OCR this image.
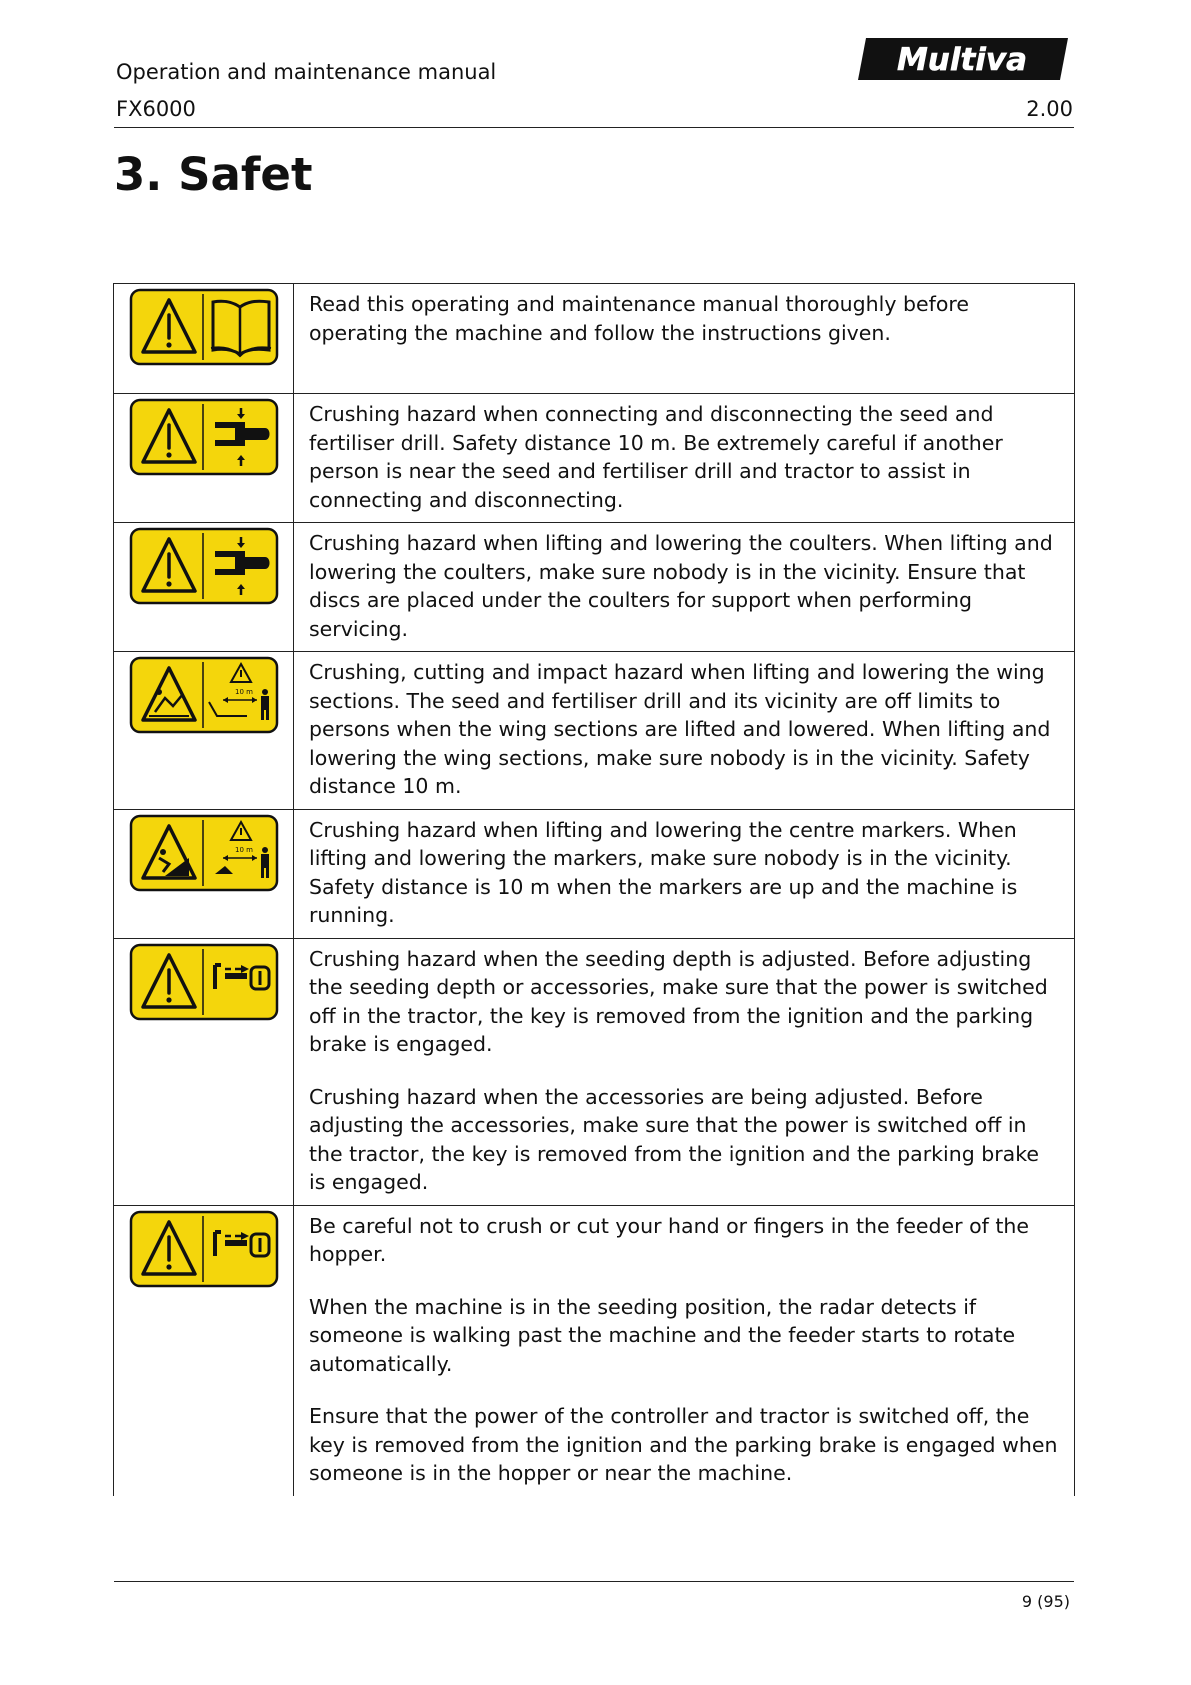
Operation and maintenance manual
FX6000	2.00
Multiva
3. Safet

Read this operating and maintenance manual thoroughly before operating the machine and follow the instructions given.

Crushing hazard when connecting and disconnecting the seed and fertiliser drill. Safety distance 10 m. Be extremely careful if another person is near the seed and fertiliser drill and tractor to assist in connecting and disconnecting.

Crushing hazard when lifting and lowering the coulters. When lifting and lowering the coulters, make sure nobody is in the vicinity. Ensure that discs are placed under the coulters for support when performing servicing.

10 m	Crushing, cutting and impact hazard when lifting and lowering the wing sections. The seed and fertiliser drill and its vicinity are off limits to persons when the wing sections are lifted and lowered. When lifting and lowering the wing sections, make sure nobody is in the vicinity. Safety distance 10 m.

10 m	Crushing hazard when lifting and lowering the centre markers. When lifting and lowering the markers, make sure nobody is in the vicinity. Safety distance is 10 m when the markers are up and the machine is running.

Crushing hazard when the seeding depth is adjusted. Before adjusting the seeding depth or accessories, make sure that the power is switched off in the tractor, the key is removed from the ignition and the parking brake is engaged.

Crushing hazard when the accessories are being adjusted. Before adjusting the accessories, make sure that the power is switched off in the tractor, the key is removed from the ignition and the parking brake is engaged.

Be careful not to crush or cut your hand or fingers in the feeder of the hopper.

When the machine is in the seeding position, the radar detects if someone is walking past the machine and the feeder starts to rotate automatically.

Ensure that the power of the controller and tractor is switched off, the key is removed from the ignition and the parking brake is engaged when someone is in the hopper or near the machine.

9 (95)
